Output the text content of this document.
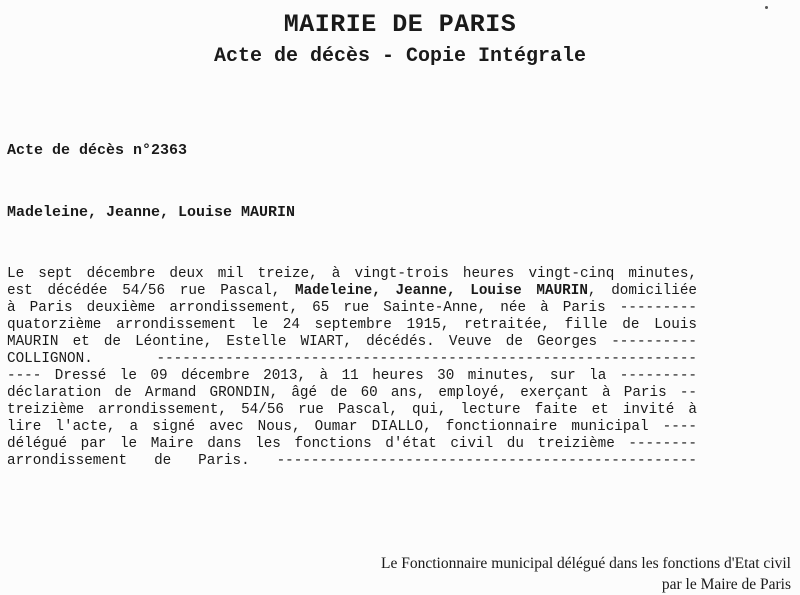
MAIRIE DE PARIS
Acte de décès - Copie Intégrale
Acte de décès n°2363
Madeleine, Jeanne, Louise MAURIN
Le sept décembre deux mil treize, à vingt-trois heures vingt-cinq minutes,
est décédée 54/56 rue Pascal, Madeleine, Jeanne, Louise MAURIN, domiciliée
à Paris deuxième arrondissement, 65 rue Sainte-Anne, née à Paris ---------
quatorzième arrondissement le 24 septembre 1915, retraitée, fille de Louis
MAURIN et de Léontine, Estelle WIART, décédés. Veuve de Georges ----------
COLLIGNON. ---------------------------------------------------------------
---- Dressé le 09 décembre 2013, à 11 heures 30 minutes, sur la ---------
déclaration de Armand GRONDIN, âgé de 60 ans, employé, exerçant à Paris --
treizième arrondissement, 54/56 rue Pascal, qui, lecture faite et invité à
lire l'acte, a signé avec Nous, Oumar DIALLO, fonctionnaire municipal ----
délégué par le Maire dans les fonctions d'état civil du treizième --------
arrondissement de Paris. -------------------------------------------------
Le Fonctionnaire municipal délégué dans les fonctions d'Etat civil
par le Maire de Paris
